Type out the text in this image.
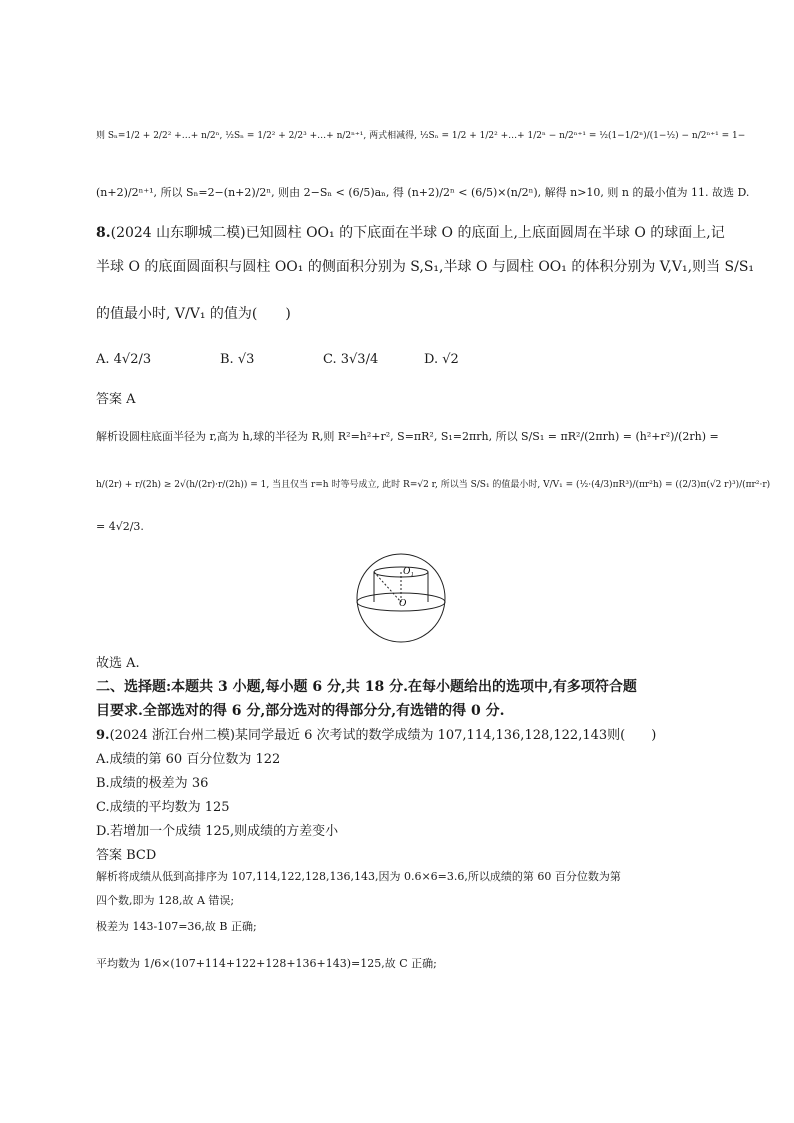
则 Sₙ=1/2 + 2/2² +…+ n/2ⁿ, ½Sₙ = 1/2² + 2/2³ +…+ n/2ⁿ⁺¹, 两式相减得, ½Sₙ = 1/2 + 1/2² +…+ 1/2ⁿ − n/2ⁿ⁺¹ = ½(1−1/2ⁿ)/(1−½) − n/2ⁿ⁺¹ = 1−
(n+2)/2ⁿ⁺¹, 所以 Sₙ=2−(n+2)/2ⁿ, 则由 2−Sₙ < (6/5)aₙ, 得 (n+2)/2ⁿ < (6/5)×(n/2ⁿ), 解得 n>10, 则 n 的最小值为 11. 故选 D.
8.(2024 山东聊城二模)已知圆柱 OO₁ 的下底面在半球 O 的底面上,上底面圆周在半球 O 的球面上,记
半球 O 的底面圆面积与圆柱 OO₁ 的侧面积分别为 S,S₁,半球 O 与圆柱 OO₁ 的体积分别为 V,V₁,则当 S/S₁
的值最小时, V/V₁ 的值为(　　)
A. 4√2/3	B. √3	C. 3√3/4	D. √2
答案 A
解析设圆柱底面半径为 r,高为 h,球的半径为 R,则 R²=h²+r², S=πR², S₁=2πrh, 所以 S/S₁ = πR²/(2πrh) = (h²+r²)/(2rh) =
h/(2r) + r/(2h) ≥ 2√(h/(2r)·r/(2h)) = 1, 当且仅当 r=h 时等号成立, 此时 R=√2 r, 所以当 S/S₁ 的值最小时, V/V₁ = (½·(4/3)πR³)/(πr²h) = ((2/3)π(√2 r)³)/(πr²·r)
= 4√2/3.
O₁
O
故选 A.
二、选择题:本题共 3 小题,每小题 6 分,共 18 分.在每小题给出的选项中,有多项符合题
目要求.全部选对的得 6 分,部分选对的得部分分,有选错的得 0 分.
9.(2024 浙江台州二模)某同学最近 6 次考试的数学成绩为 107,114,136,128,122,143则(　　)
A.成绩的第 60 百分位数为 122
B.成绩的极差为 36
C.成绩的平均数为 125
D.若增加一个成绩 125,则成绩的方差变小
答案 BCD
解析将成绩从低到高排序为 107,114,122,128,136,143,因为 0.6×6=3.6,所以成绩的第 60 百分位数为第
四个数,即为 128,故 A 错误;
极差为 143-107=36,故 B 正确;
平均数为 1/6×(107+114+122+128+136+143)=125,故 C 正确;
